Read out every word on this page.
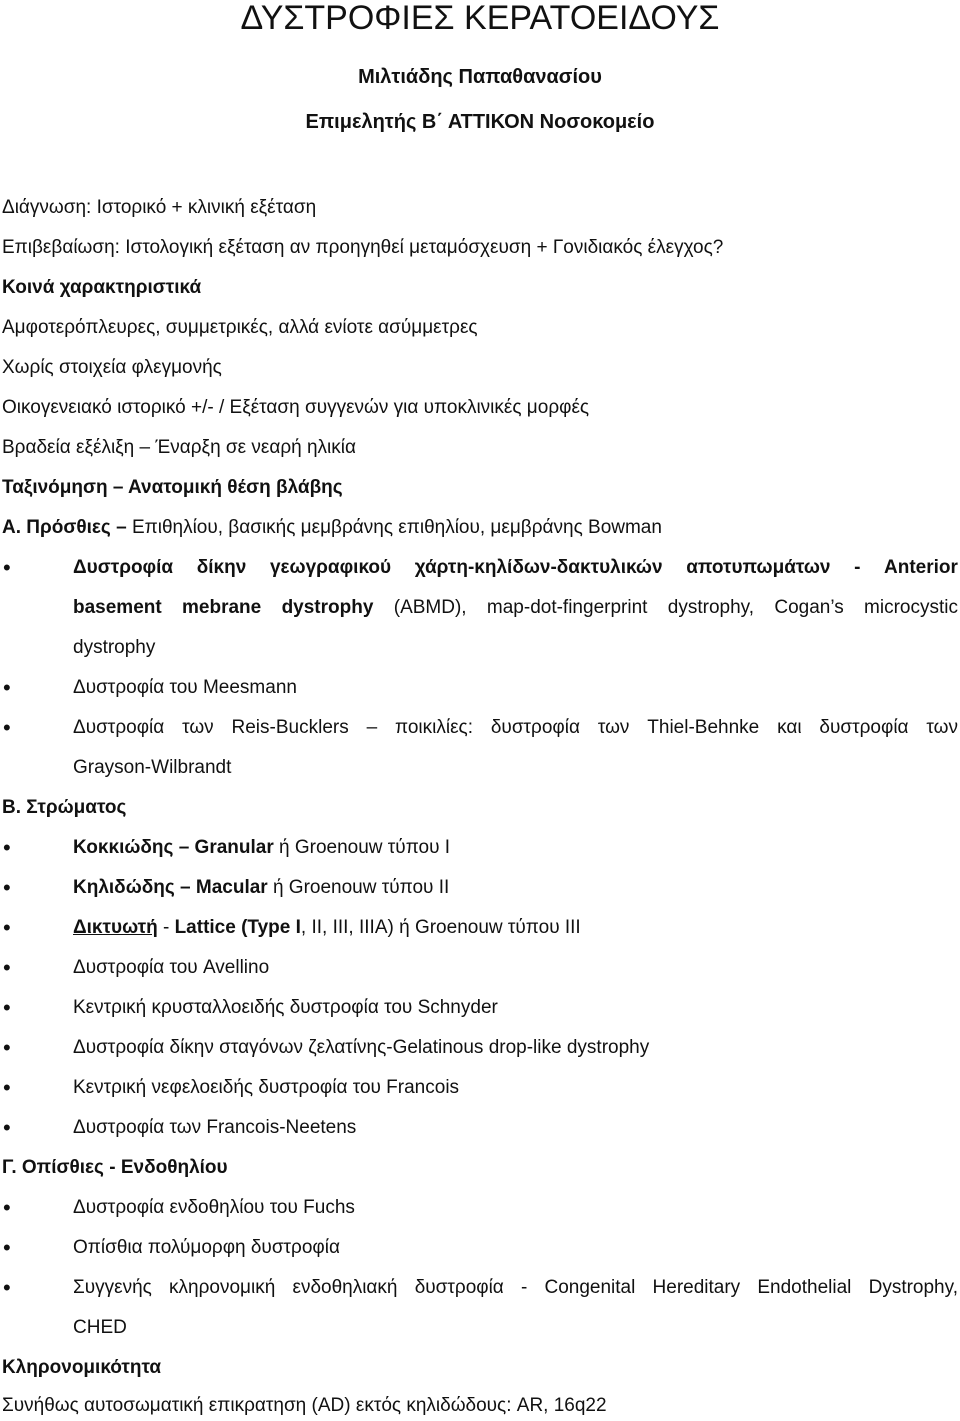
ΔΥΣΤΡΟΦΙΕΣ ΚΕΡΑΤΟΕΙΔΟΥΣ
Μιλτιάδης Παπαθανασίου
Επιμελητής Β΄ ΑΤΤΙΚΟΝ Νοσοκομείο
Διάγνωση: Ιστορικό + κλινική εξέταση
Επιβεβαίωση: Ιστολογική εξέταση αν προηγηθεί μεταμόσχευση + Γονιδιακός έλεγχος?
Κοινά χαρακτηριστικά
Αμφοτερόπλευρες, συμμετρικές, αλλά ενίοτε ασύμμετρες
Χωρίς στοιχεία φλεγμονής
Οικογενειακό ιστορικό +/- / Εξέταση συγγενών για υποκλινικές μορφές
Βραδεία εξέλιξη – Έναρξη σε νεαρή ηλικία
Ταξινόμηση – Ανατομική θέση βλάβης
Α. Πρόσθιες – Επιθηλίου, βασικής μεμβράνης επιθηλίου, μεμβράνης Bowman
•	Δυστροφία δίκην γεωγραφικού χάρτη-κηλίδων-δακτυλικών αποτυπωμάτων - Anterior
basement mebrane dystrophy (ABMD), map-dot-fingerprint dystrophy, Cogan’s microcystic
dystrophy
•	Δυστροφία του Meesmann
•	Δυστροφία των Reis-Bucklers – ποικιλίες: δυστροφία των Thiel-Behnke και δυστροφία των
Grayson-Wilbrandt
Β. Στρώματος
•	Κοκκιώδης – Granular ή Groenouw τύπου I
•	Κηλιδώδης – Macular ή Groenouw τύπου II
•	Δικτυωτή - Lattice (Type I, II, III, IIIA) ή Groenouw τύπου III
•	Δυστροφία του Avellino
•	Κεντρική κρυσταλλοειδής δυστροφία του Schnyder
•	Δυστροφία δίκην σταγόνων ζελατίνης-Gelatinous drop-like dystrophy
•	Κεντρική νεφελοειδής δυστροφία του Francois
•	Δυστροφία των Francois-Neetens
Γ. Οπίσθιες - Ενδοθηλίου
•	Δυστροφία ενδοθηλίου του Fuchs
•	Οπίσθια πολύμορφη δυστροφία
•	Συγγενής κληρονομική ενδοθηλιακή δυστροφία - Congenital Hereditary Endothelial Dystrophy,
CHED
Κληρονομικότητα
Συνήθως αυτοσωματική επικρατηση (AD) εκτός κηλιδώδους: AR, 16q22
